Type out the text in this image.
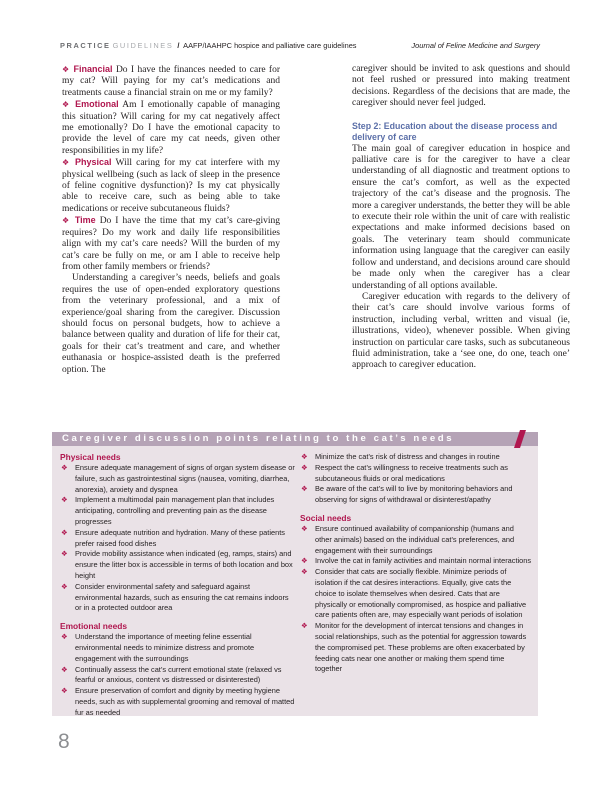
PRACTICE GUIDELINES / AAFP/IAAHPC hospice and palliative care guidelines	Journal of Feline Medicine and Surgery

❖ Financial Do I have the finances needed to care for my cat? Will paying for my cat’s medications and treatments cause a financial strain on me or my family?

❖ Emotional Am I emotionally capable of managing this situation? Will caring for my cat negatively affect me emotionally? Do I have the emotional capacity to provide the level of care my cat needs, given other responsibilities in my life?

❖ Physical Will caring for my cat interfere with my physical wellbeing (such as lack of sleep in the presence of feline cognitive dysfunction)? Is my cat physically able to receive care, such as being able to take medications or receive subcutaneous fluids?

❖ Time Do I have the time that my cat’s care-giving requires? Do my work and daily life responsibilities align with my cat’s care needs? Will the burden of my cat’s care be fully on me, or am I able to receive help from other family members or friends?

Understanding a caregiver’s needs, beliefs and goals requires the use of open-ended exploratory questions from the veterinary professional, and a mix of experience/goal sharing from the caregiver. Discussion should focus on personal budgets, how to achieve a balance between quality and duration of life for their cat, goals for their cat’s treatment and care, and whether euthanasia or hospice-assisted death is the preferred option. The

caregiver should be invited to ask questions and should not feel rushed or pressured into making treatment decisions. Regardless of the decisions that are made, the caregiver should never feel judged.

Step 2: Education about the disease process and delivery of care

The main goal of caregiver education in hospice and palliative care is for the caregiver to have a clear understanding of all diagnostic and treatment options to ensure the cat’s comfort, as well as the expected trajectory of the cat’s disease and the prognosis. The more a caregiver understands, the better they will be able to execute their role within the unit of care with realistic expectations and make informed decisions based on goals. The veterinary team should communicate information using language that the caregiver can easily follow and understand, and decisions around care should be made only when the caregiver has a clear understanding of all options available.

Caregiver education with regards to the delivery of their cat’s care should involve various forms of instruction, including verbal, written and visual (ie, illustrations, video), whenever possible. When giving instruction on particular care tasks, such as subcutaneous fluid administration, take a ‘see one, do one, teach one’ approach to caregiver education.

Caregiver discussion points relating to the cat’s needs
Physical needs
❖ Ensure adequate management of signs of organ system disease or failure, such as gastrointestinal signs (nausea, vomiting, diarrhea, anorexia), anxiety and dyspnea
❖ Implement a multimodal pain management plan that includes anticipating, controlling and preventing pain as the disease progresses
❖ Ensure adequate nutrition and hydration. Many of these patients prefer raised food dishes
❖ Provide mobility assistance when indicated (eg, ramps, stairs) and ensure the litter box is accessible in terms of both location and box height
❖ Consider environmental safety and safeguard against environmental hazards, such as ensuring the cat remains indoors or in a protected outdoor area
Emotional needs
❖ Understand the importance of meeting feline essential environmental needs to minimize distress and promote engagement with the surroundings
❖ Continually assess the cat’s current emotional state (relaxed vs fearful or anxious, content vs distressed or disinterested)
❖ Ensure preservation of comfort and dignity by meeting hygiene needs, such as with supplemental grooming and removal of matted fur as needed
❖ Minimize the cat’s risk of distress and changes in routine
❖ Respect the cat’s willingness to receive treatments such as subcutaneous fluids or oral medications
❖ Be aware of the cat’s will to live by monitoring behaviors and observing for signs of withdrawal or disinterest/apathy
Social needs
❖ Ensure continued availability of companionship (humans and other animals) based on the individual cat’s preferences, and engagement with their surroundings
❖ Involve the cat in family activities and maintain normal interactions
❖ Consider that cats are socially flexible. Minimize periods of isolation if the cat desires interactions. Equally, give cats the choice to isolate themselves when desired. Cats that are physically or emotionally compromised, as hospice and palliative care patients often are, may especially want periods of isolation
❖ Monitor for the development of intercat tensions and changes in social relationships, such as the potential for aggression towards the compromised pet. These problems are often exacerbated by feeding cats near one another or making them spend time together
8
